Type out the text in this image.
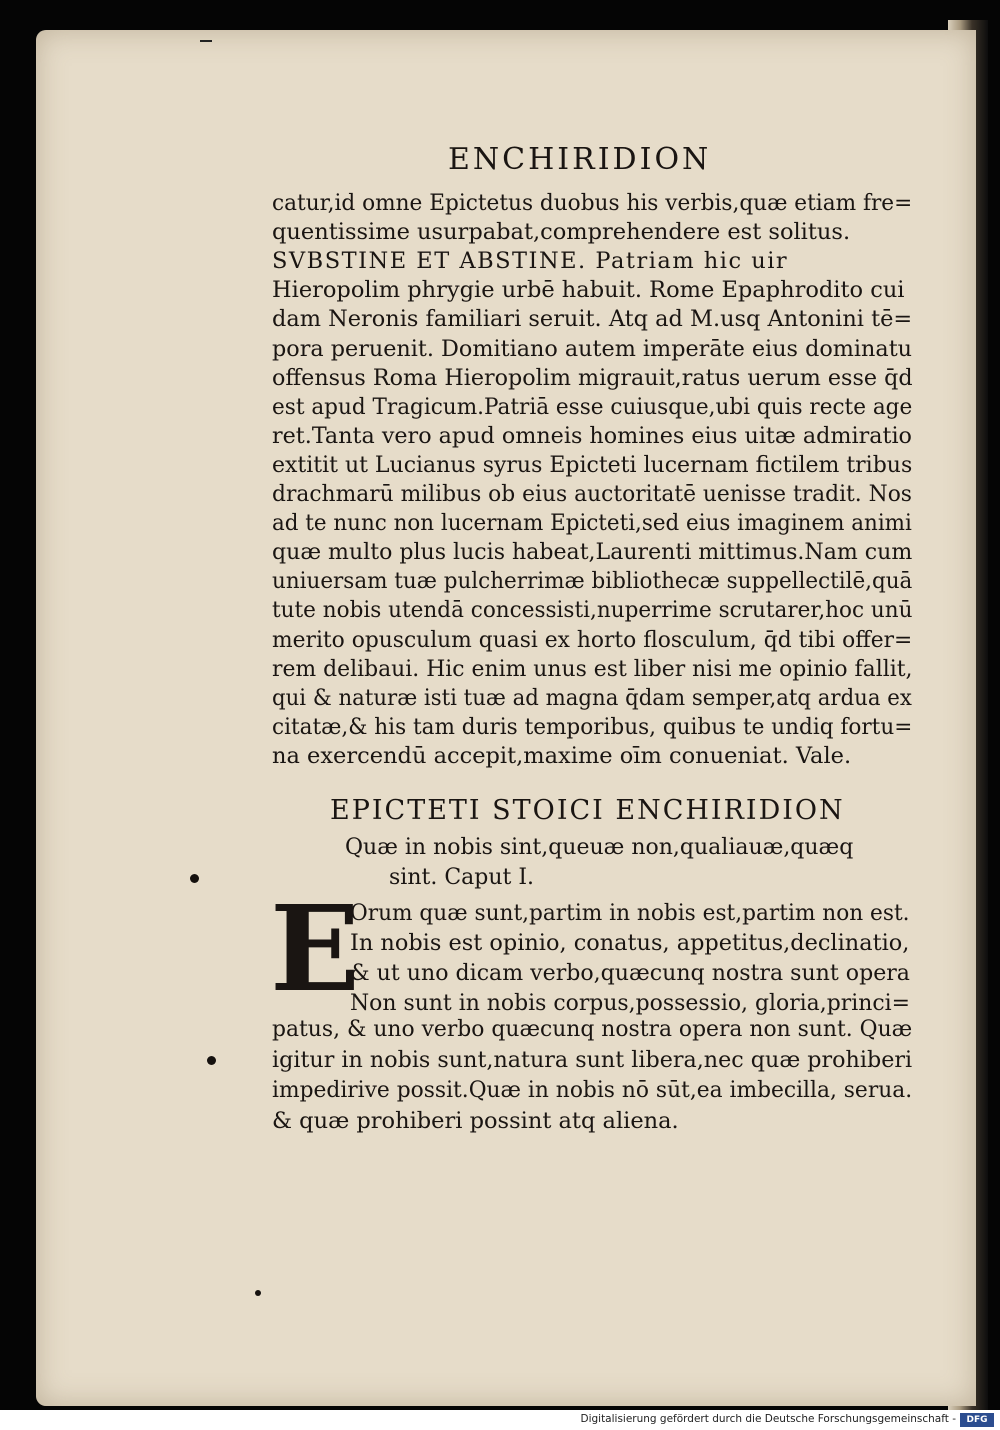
ENCHIRIDION
catur,id omne Epictetus duobus his verbis,quæ etiam fre=
quentissime usurpabat,comprehendere est solitus.
SVBSTINE ET ABSTINE. Patriam hic uir
Hieropolim phrygie urbē habuit. Rome Epaphrodito cui
dam Neronis familiari seruit. Atq ad M.usq Antonini tē=
pora peruenit. Domitiano autem imperāte eius dominatu
offensus Roma Hieropolim migrauit,ratus uerum esse q̄d
est apud Tragicum.Patriā esse cuiusque,ubi quis recte age
ret.Tanta vero apud omneis homines eius uitæ admiratio
extitit ut Lucianus syrus Epicteti lucernam fictilem tribus
drachmarū milibus ob eius auctoritatē uenisse tradit. Nos
ad te nunc non lucernam Epicteti,sed eius imaginem animi
quæ multo plus lucis habeat,Laurenti mittimus.Nam cum
uniuersam tuæ pulcherrimæ bibliothecæ suppellectilē,quā
tute nobis utendā concessisti,nuperrime scrutarer,hoc unū
merito opusculum quasi ex horto flosculum, q̄d tibi offer=
rem delibaui. Hic enim unus est liber nisi me opinio fallit,
qui & naturæ isti tuæ ad magna q̄dam semper,atq ardua ex
citatæ,& his tam duris temporibus, quibus te undiq fortu=
na exercendū accepit,maxime oīm conueniat. Vale.
EPICTETI STOICI ENCHIRIDION
Quæ in nobis sint,queuæ non,qualiauæ,quæq
sint. Caput I.
E
Orum quæ sunt,partim in nobis est,partim non est.
In nobis est opinio, conatus, appetitus,declinatio,
& ut uno dicam verbo,quæcunq nostra sunt opera
Non sunt in nobis corpus,possessio, gloria,princi=
patus, & uno verbo quæcunq nostra opera non sunt. Quæ
igitur in nobis sunt,natura sunt libera,nec quæ prohiberi
impedirive possit.Quæ in nobis nō sūt,ea imbecilla, serua.
& quæ prohiberi possint atq aliena.
Digitalisierung gefördert durch die Deutsche Forschungsgemeinschaft -	DFG
